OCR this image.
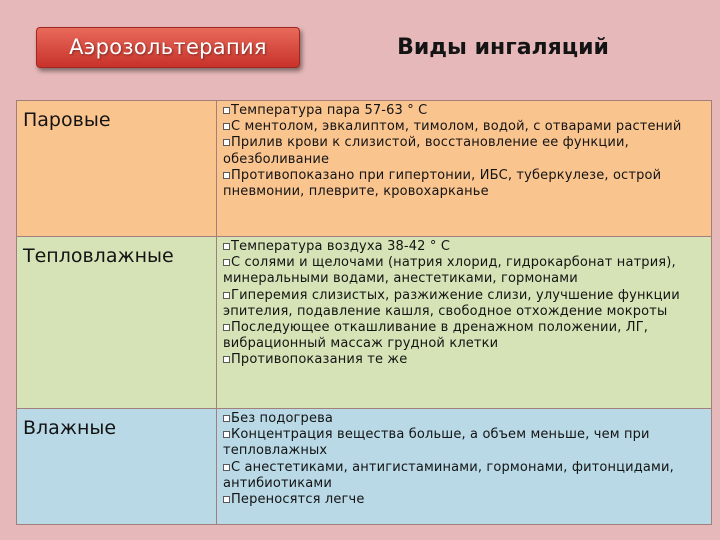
Аэрозольтерапия	Виды ингаляций
Паровые	Температура пара 57-63 ° С
С ментолом, эвкалиптом, тимолом, водой, с отварами растений
Прилив крови к слизистой, восстановление ее функции, обезболивание
Противопоказано при гипертонии, ИБС, туберкулезе, острой пневмонии, плеврите, кровохарканье

Тепловлажные	Температура воздуха 38-42 ° С
С солями и щелочами (натрия хлорид, гидрокарбонат натрия), минеральными водами, анестетиками, гормонами
Гиперемия слизистых, разжижение слизи, улучшение функции эпителия, подавление кашля, свободное отхождение мокроты
Последующее откашливание в дренажном положении, ЛГ, вибрационный массаж грудной клетки
Противопоказания те же

Влажные	Без подогрева
Концентрация вещества больше, а объем меньше, чем при тепловлажных
С анестетиками, антигистаминами, гормонами, фитонцидами, антибиотиками
Переносятся легче
